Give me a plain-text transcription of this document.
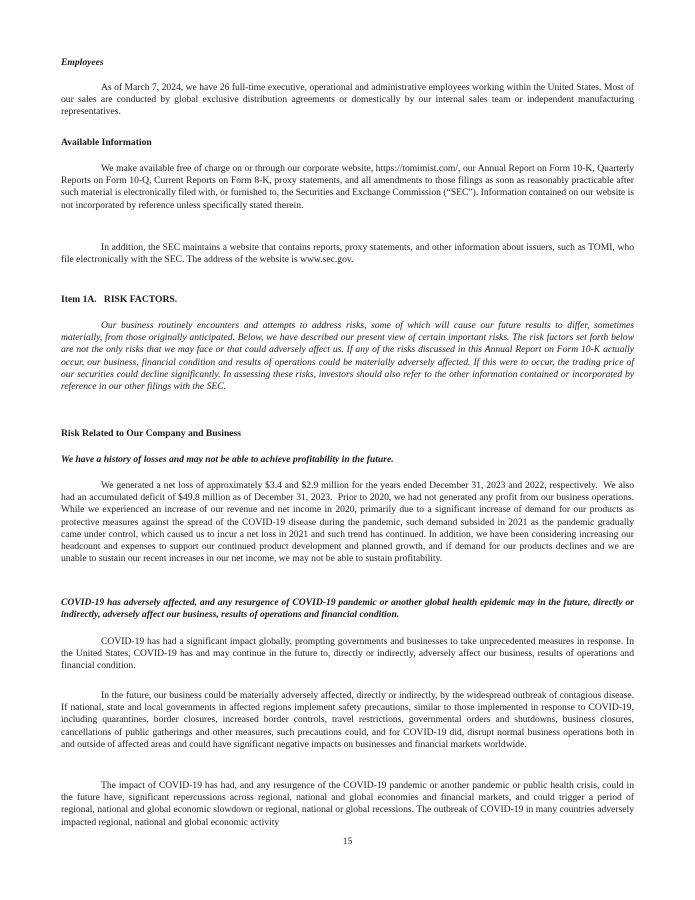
Employees

As of March 7, 2024, we have 26 full-time executive, operational and administrative employees working within the United States. Most of our sales are conducted by global exclusive distribution agreements or domestically by our internal sales team or independent manufacturing representatives.

Available Information

We make available free of charge on or through our corporate website, https://tomimist.com/, our Annual Report on Form 10-K, Quarterly Reports on Form 10-Q, Current Reports on Form 8-K, proxy statements, and all amendments to those filings as soon as reasonably practicable after such material is electronically filed with, or furnished to, the Securities and Exchange Commission (“SEC”). Information contained on our website is not incorporated by reference unless specifically stated therein.

In addition, the SEC maintains a website that contains reports, proxy statements, and other information about issuers, such as TOMI, who file electronically with the SEC. The address of the website is www.sec.gov.

Item 1A.   RISK FACTORS.

Our business routinely encounters and attempts to address risks, some of which will cause our future results to differ, sometimes materially, from those originally anticipated. Below, we have described our present view of certain important risks. The risk factors set forth below are not the only risks that we may face or that could adversely affect us. If any of the risks discussed in this Annual Report on Form 10-K actually occur, our business, financial condition and results of operations could be materially adversely affected. If this were to occur, the trading price of our securities could decline significantly. In assessing these risks, investors should also refer to the other information contained or incorporated by reference in our other filings with the SEC.

Risk Related to Our Company and Business

We have a history of losses and may not be able to achieve profitability in the future.

We generated a net loss of approximately $3.4 and $2.9 million for the years ended December 31, 2023 and 2022, respectively.  We also had an accumulated deficit of $49.8 million as of December 31, 2023.  Prior to 2020, we had not generated any profit from our business operations.  While we experienced an increase of our revenue and net income in 2020, primarily due to a significant increase of demand for our products as protective measures against the spread of the COVID-19 disease during the pandemic, such demand subsided in 2021 as the pandemic gradually came under control, which caused us to incur a net loss in 2021 and such trend has continued. In addition, we have been considering increasing our headcount and expenses to support our continued product development and planned growth, and if demand for our products declines and we are unable to sustain our recent increases in our net income, we may not be able to sustain profitability.

COVID-19 has adversely affected, and any resurgence of COVID-19 pandemic or another global health epidemic may in the future, directly or indirectly, adversely affect our business, results of operations and financial condition.

COVID-19 has had a significant impact globally, prompting governments and businesses to take unprecedented measures in response. In the United States, COVID-19 has and may continue in the future to, directly or indirectly, adversely affect our business, results of operations and financial condition.

In the future, our business could be materially adversely affected, directly or indirectly, by the widespread outbreak of contagious disease. If national, state and local governments in affected regions implement safety precautions, similar to those implemented in response to COVID-19, including quarantines, border closures, increased border controls, travel restrictions, governmental orders and shutdowns, business closures, cancellations of public gatherings and other measures, such precautions could, and for COVID-19 did, disrupt normal business operations both in and outside of affected areas and could have significant negative impacts on businesses and financial markets worldwide.

The impact of COVID-19 has had, and any resurgence of the COVID-19 pandemic or another pandemic or public health crisis, could in the future have, significant repercussions across regional, national and global economies and financial markets, and could trigger a period of regional, national and global economic slowdown or regional, national or global recessions. The outbreak of COVID-19 in many countries adversely impacted regional, national and global economic activity

15
